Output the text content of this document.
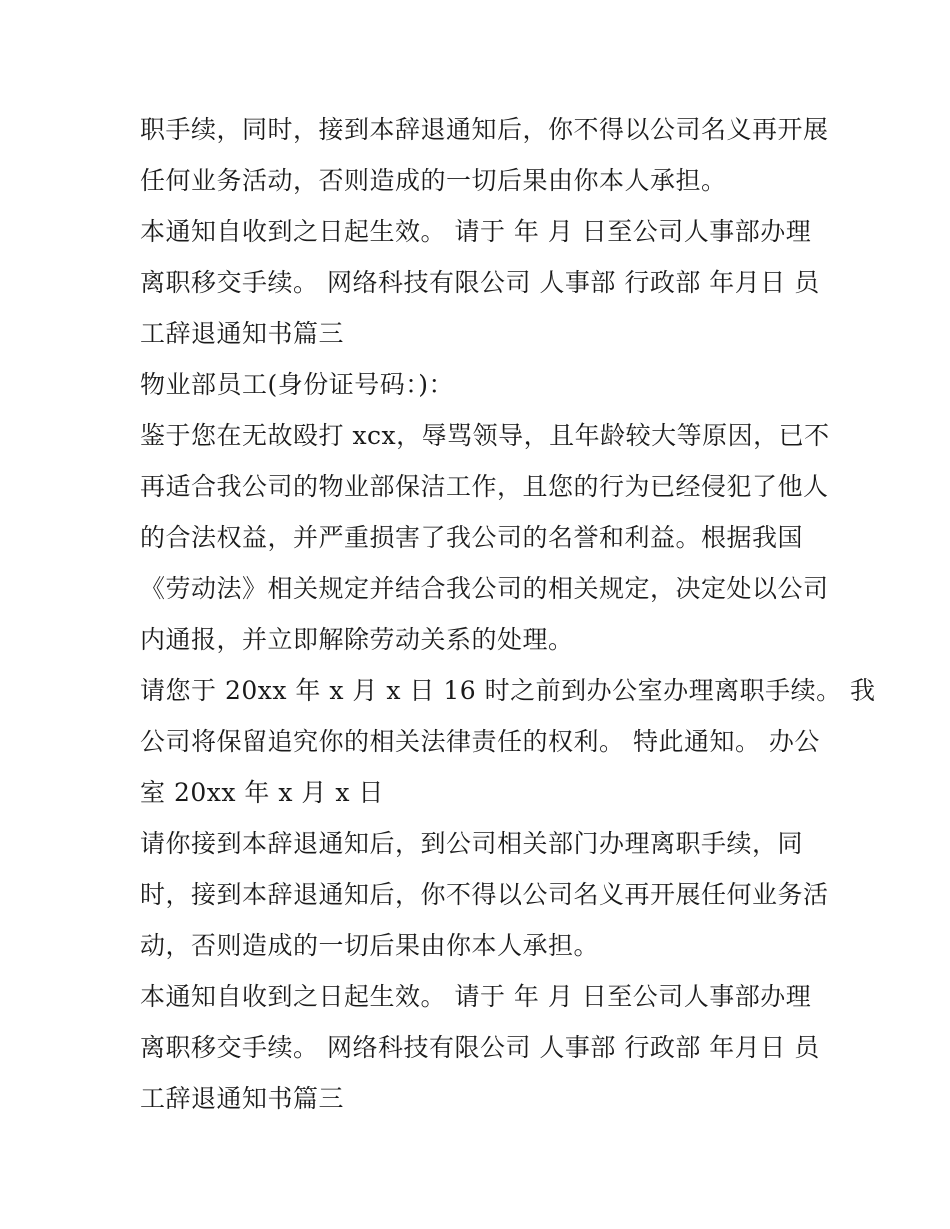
职手续，同时，接到本辞退通知后，你不得以公司名义再开展
任何业务活动，否则造成的一切后果由你本人承担。
本通知自收到之日起生效。 请于 年 月 日至公司人事部办理
离职移交手续。 网络科技有限公司 人事部 行政部 年月日 员
工辞退通知书篇三
物业部员工(身份证号码：)：
鉴于您在无故殴打 xcx，辱骂领导，且年龄较大等原因，已不
再适合我公司的物业部保洁工作，且您的行为已经侵犯了他人
的合法权益，并严重损害了我公司的名誉和利益。根据我国
《劳动法》相关规定并结合我公司的相关规定，决定处以公司
内通报，并立即解除劳动关系的处理。
请您于 20xx 年 x 月 x 日 16 时之前到办公室办理离职手续。 我
公司将保留追究你的相关法律责任的权利。 特此通知。 办公
室 20xx 年 x 月 x 日
请你接到本辞退通知后，到公司相关部门办理离职手续，同
时，接到本辞退通知后，你不得以公司名义再开展任何业务活
动，否则造成的一切后果由你本人承担。
本通知自收到之日起生效。 请于 年 月 日至公司人事部办理
离职移交手续。 网络科技有限公司 人事部 行政部 年月日 员
工辞退通知书篇三
